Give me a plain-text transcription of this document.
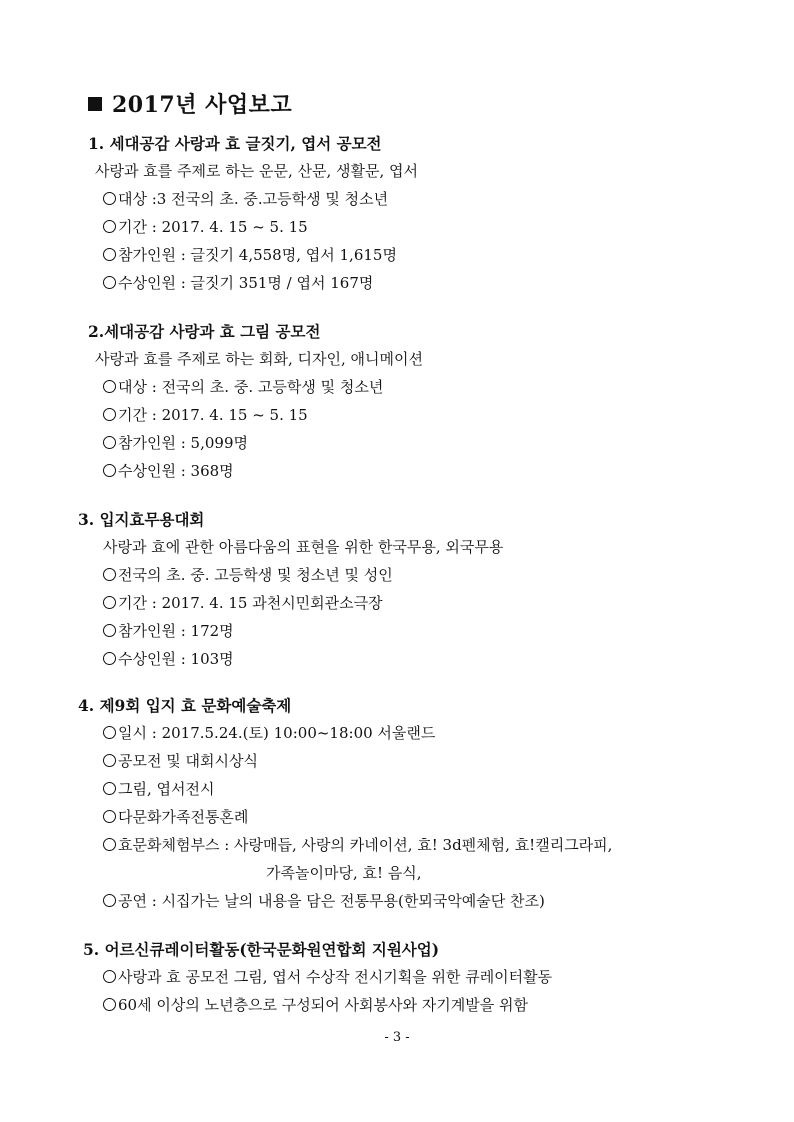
2017년 사업보고
1. 세대공감 사랑과 효 글짓기, 엽서 공모전
사랑과 효를 주제로 하는 운문, 산문, 생활문, 엽서
대상 :3 전국의 초. 중.고등학생 및 청소년
기간 : 2017. 4. 15 ~ 5. 15
참가인원 : 글짓기 4,558명, 엽서 1,615명
수상인원 : 글짓기 351명 / 엽서 167명
2.세대공감 사랑과 효 그림 공모전
사랑과 효를 주제로 하는 회화, 디자인, 애니메이션
대상 : 전국의 초. 중. 고등학생 및 청소년
기간 : 2017. 4. 15 ~ 5. 15
참가인원 : 5,099명
수상인원 : 368명
3. 입지효무용대회
사랑과 효에 관한 아름다움의 표현을 위한 한국무용, 외국무용
전국의 초. 중. 고등학생 및 청소년 및 성인
기간 : 2017. 4. 15 과천시민회관소극장
참가인원 : 172명
수상인원 : 103명
4. 제9회 입지 효 문화예술축제
일시 : 2017.5.24.(토) 10:00~18:00 서울랜드
공모전 및 대회시상식
그림, 엽서전시
다문화가족전통혼례
효문화체험부스 : 사랑매듭, 사랑의 카네이션, 효! 3d펜체험, 효!캘리그라피,
가족놀이마당, 효! 음식,
공연 : 시집가는 날의 내용을 담은 전통무용(한뫼국악예술단 찬조)
5. 어르신큐레이터활동(한국문화원연합회 지원사업)
사랑과 효 공모전 그림, 엽서 수상작 전시기획을 위한 큐레이터활동
60세 이상의 노년층으로 구성되어 사회봉사와 자기계발을 위함
- 3 -
